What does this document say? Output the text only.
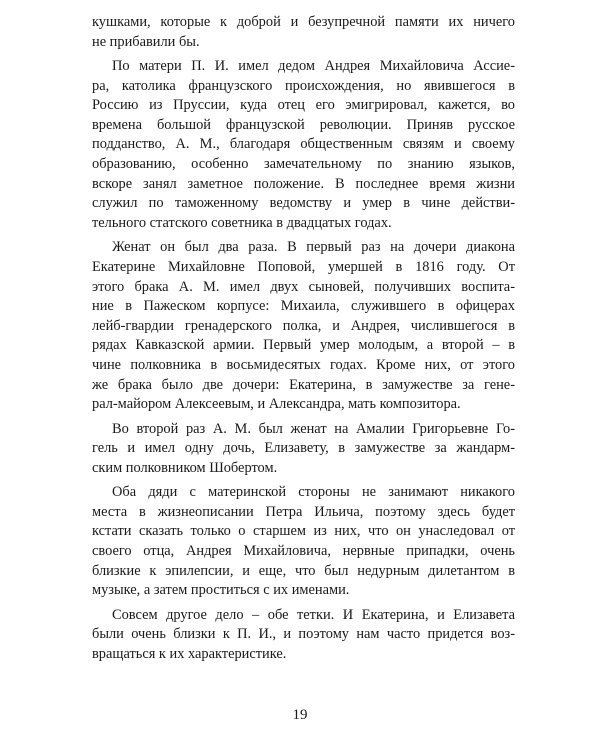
кушками, которые к доброй и безупречной памяти их ничего
не прибавили бы.
По матери П. И. имел дедом Андрея Михайловича Ассие-
ра, католика французского происхождения, но явившегося в
Россию из Пруссии, куда отец его эмигрировал, кажется, во
времена большой французской революции. Приняв русское
подданство, А. М., благодаря общественным связям и своему
образованию, особенно замечательному по знанию языков,
вскоре занял заметное положение. В последнее время жизни
служил по таможенному ведомству и умер в чине действи-
тельного статского советника в двадцатых годах.
Женат он был два раза. В первый раз на дочери диакона
Екатерине Михайловне Поповой, умершей в 1816 году. От
этого брака А. М. имел двух сыновей, получивших воспита-
ние в Пажеском корпусе: Михаила, служившего в офицерах
лейб-гвардии гренадерского полка, и Андрея, числившегося в
рядах Кавказской армии. Первый умер молодым, а второй – в
чине полковника в восьмидесятых годах. Кроме них, от этого
же брака было две дочери: Екатерина, в замужестве за гене-
рал-майором Алексеевым, и Александра, мать композитора.
Во второй раз А. М. был женат на Амалии Григорьевне Го-
гель и имел одну дочь, Елизавету, в замужестве за жандарм-
ским полковником Шобертом.
Оба дяди с материнской стороны не занимают никакого
места в жизнеописании Петра Ильича, поэтому здесь будет
кстати сказать только о старшем из них, что он унаследовал от
своего отца, Андрея Михайловича, нервные припадки, очень
близкие к эпилепсии, и еще, что был недурным дилетантом в
музыке, а затем проститься с их именами.
Совсем другое дело – обе тетки. И Екатерина, и Елизавета
были очень близки к П. И., и поэтому нам часто придется воз-
вращаться к их характеристике.
19
